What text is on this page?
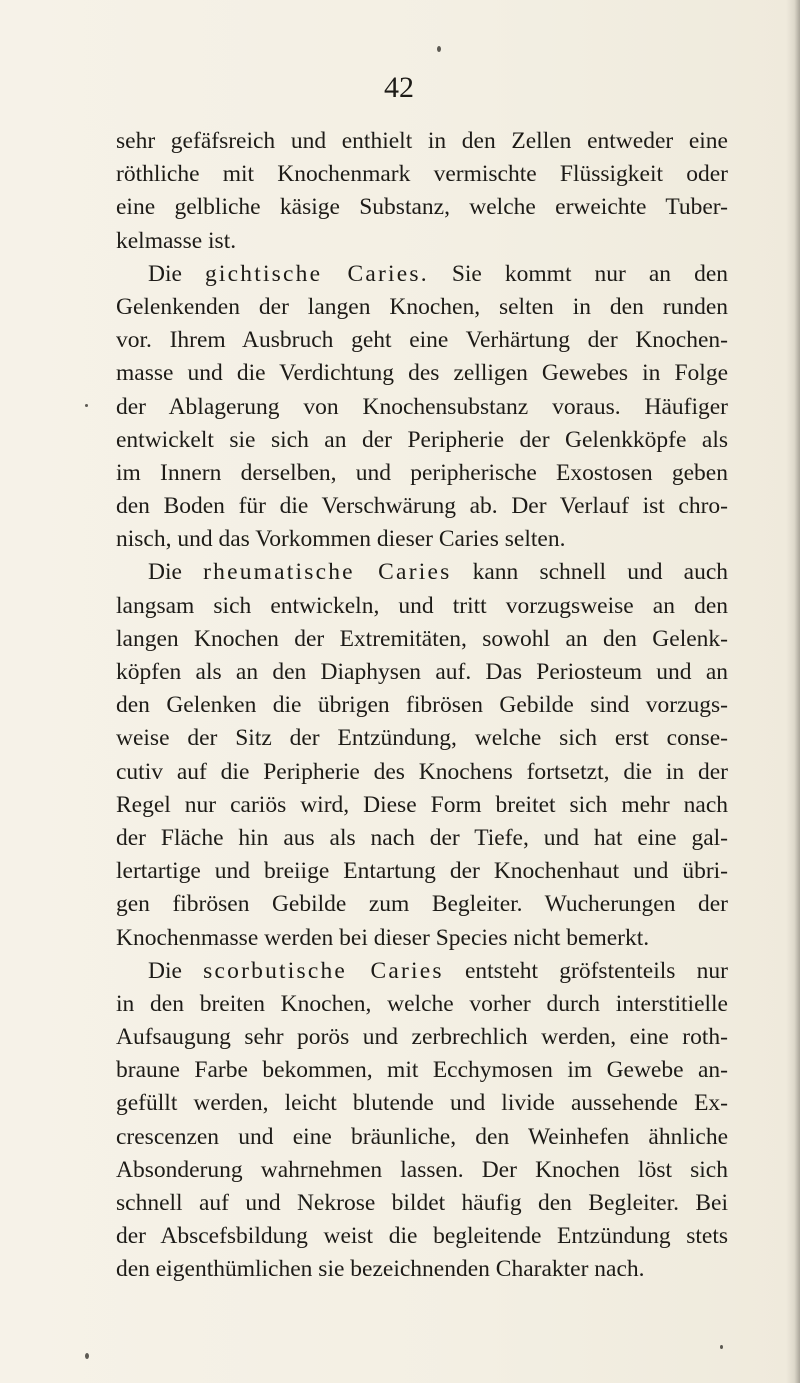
42
sehr gefäfsreich und enthielt in den Zellen entweder eine
röthliche mit Knochenmark vermischte Flüssigkeit oder
eine gelbliche käsige Substanz, welche erweichte Tuber-
kelmasse ist.
Die gichtische Caries. Sie kommt nur an den
Gelenkenden der langen Knochen, selten in den runden
vor. Ihrem Ausbruch geht eine Verhärtung der Knochen-
masse und die Verdichtung des zelligen Gewebes in Folge
der Ablagerung von Knochensubstanz voraus. Häufiger
entwickelt sie sich an der Peripherie der Gelenkköpfe als
im Innern derselben, und peripherische Exostosen geben
den Boden für die Verschwärung ab. Der Verlauf ist chro-
nisch, und das Vorkommen dieser Caries selten.
Die rheumatische Caries kann schnell und auch
langsam sich entwickeln, und tritt vorzugsweise an den
langen Knochen der Extremitäten, sowohl an den Gelenk-
köpfen als an den Diaphysen auf. Das Periosteum und an
den Gelenken die übrigen fibrösen Gebilde sind vorzugs-
weise der Sitz der Entzündung, welche sich erst conse-
cutiv auf die Peripherie des Knochens fortsetzt, die in der
Regel nur cariös wird, Diese Form breitet sich mehr nach
der Fläche hin aus als nach der Tiefe, und hat eine gal-
lertartige und breiige Entartung der Knochenhaut und übri-
gen fibrösen Gebilde zum Begleiter. Wucherungen der
Knochenmasse werden bei dieser Species nicht bemerkt.
Die scorbutische Caries entsteht gröfstenteils nur
in den breiten Knochen, welche vorher durch interstitielle
Aufsaugung sehr porös und zerbrechlich werden, eine roth-
braune Farbe bekommen, mit Ecchymosen im Gewebe an-
gefüllt werden, leicht blutende und livide aussehende Ex-
crescenzen und eine bräunliche, den Weinhefen ähnliche
Absonderung wahrnehmen lassen. Der Knochen löst sich
schnell auf und Nekrose bildet häufig den Begleiter. Bei
der Abscefsbildung weist die begleitende Entzündung stets
den eigenthümlichen sie bezeichnenden Charakter nach.
